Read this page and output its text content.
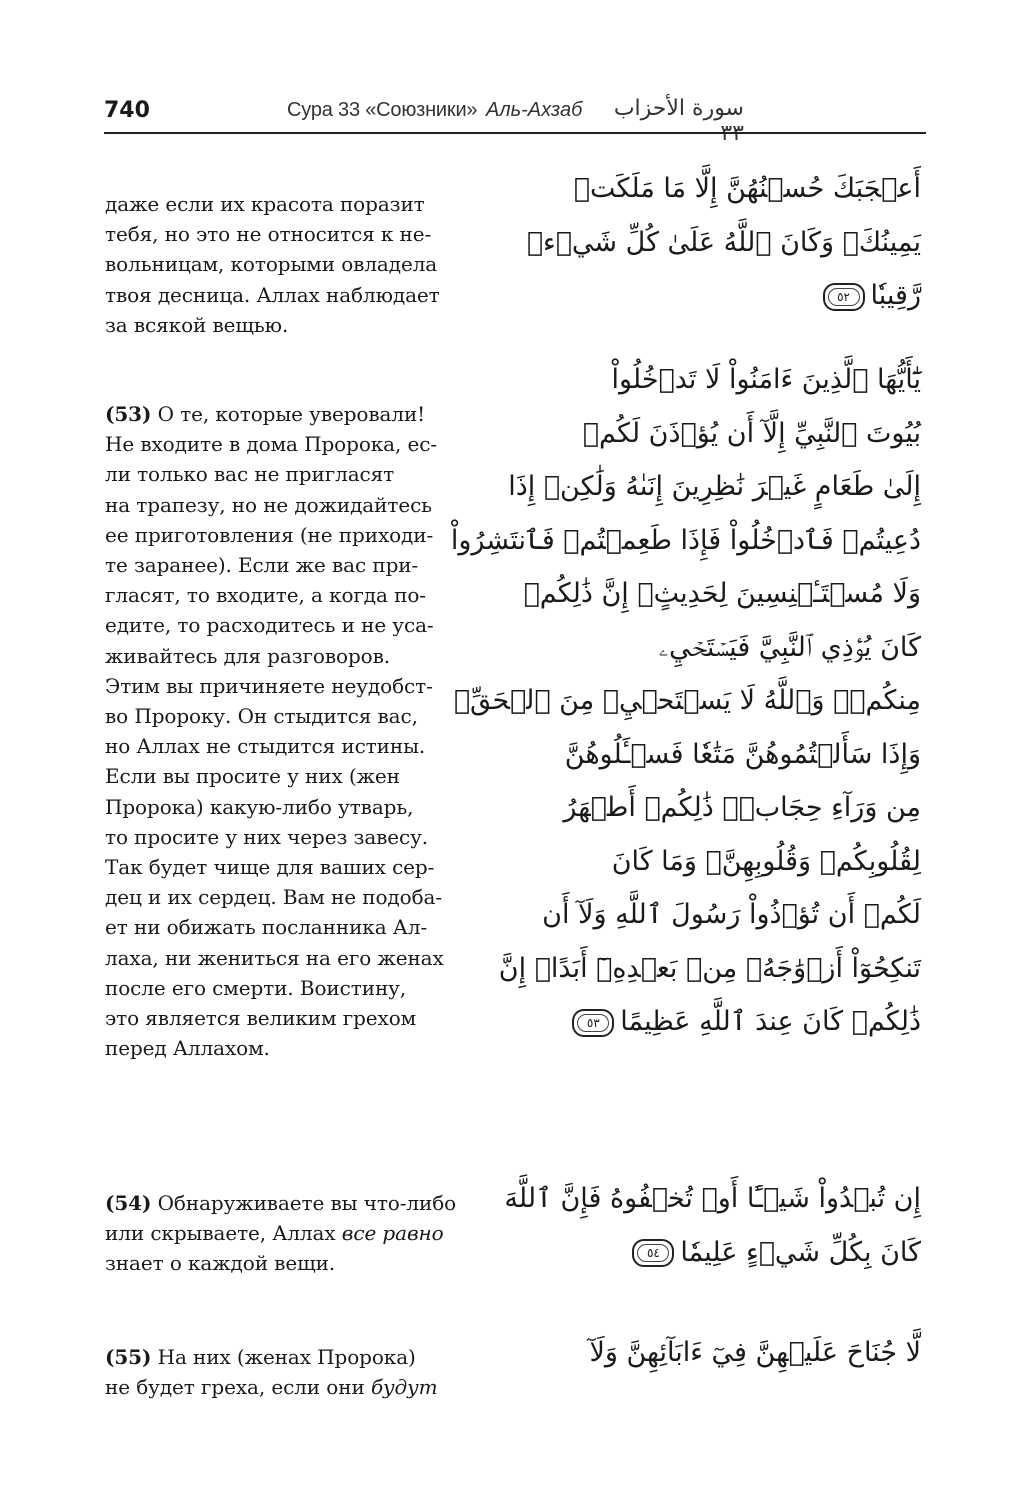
740	Сура 33 «Союзники» Аль-Ахзаб	سورة الأحزاب ٣٣

даже если их красота поразит
тебя, но это не относится к не-
вольницам, которыми овладела
твоя десница. Аллах наблюдает
за всякой вещью.

(53) О те, которые уверовали!
Не входите в дома Пророка, ес-
ли только вас не пригласят
на трапезу, но не дожидайтесь
ее приготовления (не приходи-
те заранее). Если же вас при-
гласят, то входите, а когда по-
едите, то расходитесь и не уса-
живайтесь для разговоров.
Этим вы причиняете неудобст-
во Пророку. Он стыдится вас,
но Аллах не стыдится истины.
Если вы просите у них (жен
Пророка) какую-либо утварь,
то просите у них через завесу.
Так будет чище для ваших сер-
дец и их сердец. Вам не подоба-
ет ни обижать посланника Ал-
лаха, ни жениться на его женах
после его смерти. Воистину,
это является великим грехом
перед Аллахом.

(54) Обнаруживаете вы что-либо
или скрываете, Аллах все равно
знает о каждой вещи.

(55) На них (женах Пророка)
не будет греха, если они будут

أَعۡجَبَكَ حُسۡنُهُنَّ إِلَّا مَا مَلَكَتۡ
يَمِينُكَۗ وَكَانَ ٱللَّهُ عَلَىٰ كُلِّ شَيۡءٖ
رَّقِيبٗا٥٢
يَٰٓأَيُّهَا ٱلَّذِينَ ءَامَنُواْ لَا تَدۡخُلُواْ
بُيُوتَ ٱلنَّبِيِّ إِلَّآ أَن يُؤۡذَنَ لَكُمۡ
إِلَىٰ طَعَامٍ غَيۡرَ نَٰظِرِينَ إِنَىٰهُ وَلَٰكِنۡ إِذَا
دُعِيتُمۡ فَٱدۡخُلُواْ فَإِذَا طَعِمۡتُمۡ فَٱنتَشِرُواْ
وَلَا مُسۡتَـٔۡنِسِينَ لِحَدِيثٍۚ إِنَّ ذَٰلِكُمۡ
كَانَ يُؤۡذِي ٱلنَّبِيَّ فَيَسۡتَحۡيِۦ
مِنكُمۡۖ وَٱللَّهُ لَا يَسۡتَحۡيِۦ مِنَ ٱلۡحَقِّۚ
وَإِذَا سَأَلۡتُمُوهُنَّ مَتَٰعٗا فَسۡـَٔلُوهُنَّ
مِن وَرَآءِ حِجَابٖۚ ذَٰلِكُمۡ أَطۡهَرُ
لِقُلُوبِكُمۡ وَقُلُوبِهِنَّۚ وَمَا كَانَ
لَكُمۡ أَن تُؤۡذُواْ رَسُولَ ٱللَّهِ وَلَآ أَن
تَنكِحُوٓاْ أَزۡوَٰجَهُۥ مِنۢ بَعۡدِهِۦٓ أَبَدًاۚ إِنَّ
ذَٰلِكُمۡ كَانَ عِندَ ٱللَّهِ عَظِيمًا٥٣
إِن تُبۡدُواْ شَيۡـًٔا أَوۡ تُخۡفُوهُ فَإِنَّ ٱللَّهَ
كَانَ بِكُلِّ شَيۡءٍ عَلِيمٗا٥٤
لَّا جُنَاحَ عَلَيۡهِنَّ فِيٓ ءَابَآئِهِنَّ وَلَآ
